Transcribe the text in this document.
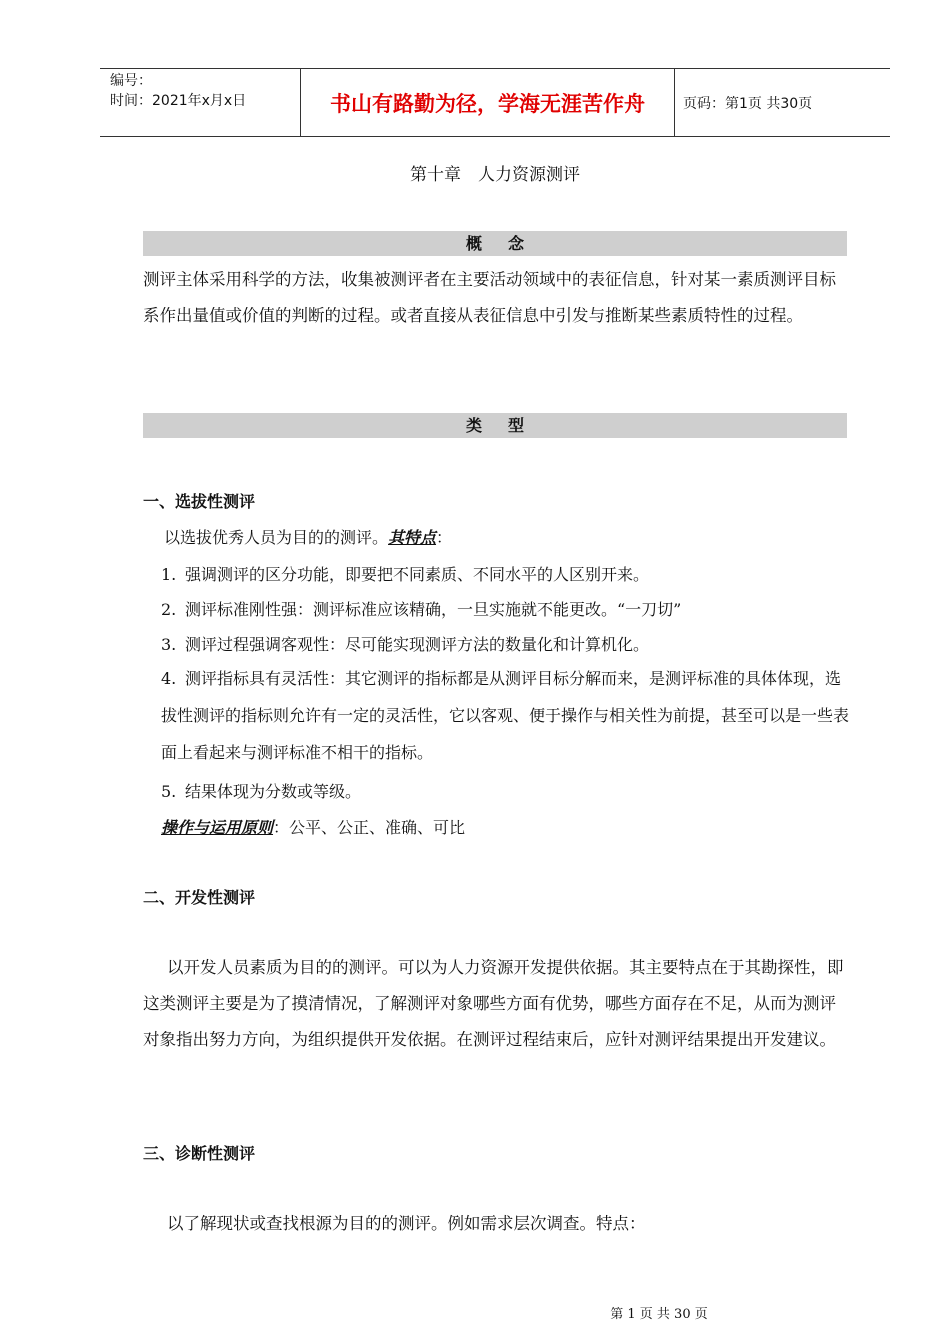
编号：
时间：2021年x月x日	书山有路勤为径，学海无涯苦作舟	页码：第1页 共30页
第十章　人力资源测评
概念

测评主体采用科学的方法，收集被测评者在主要活动领域中的表征信息，针对某一素质测评目标系作出量值或价值的判断的过程。或者直接从表征信息中引发与推断某些素质特性的过程。

类型

一、选拔性测评

以选拔优秀人员为目的的测评。其特点：

1. 强调测评的区分功能，即要把不同素质、不同水平的人区别开来。

2. 测评标准刚性强：测评标准应该精确，一旦实施就不能更改。“一刀切”

3. 测评过程强调客观性：尽可能实现测评方法的数量化和计算机化。

4. 测评指标具有灵活性：其它测评的指标都是从测评目标分解而来，是测评标准的具体体现，选拔性测评的指标则允许有一定的灵活性，它以客观、便于操作与相关性为前提，甚至可以是一些表面上看起来与测评标准不相干的指标。

5. 结果体现为分数或等级。

操作与运用原则：公平、公正、准确、可比

二、开发性测评

以开发人员素质为目的的测评。可以为人力资源开发提供依据。其主要特点在于其勘探性，即这类测评主要是为了摸清情况，了解测评对象哪些方面有优势，哪些方面存在不足，从而为测评对象指出努力方向，为组织提供开发依据。在测评过程结束后，应针对测评结果提出开发建议。

三、诊断性测评

以了解现状或查找根源为目的的测评。例如需求层次调查。特点：

第 1 页 共 30 页
